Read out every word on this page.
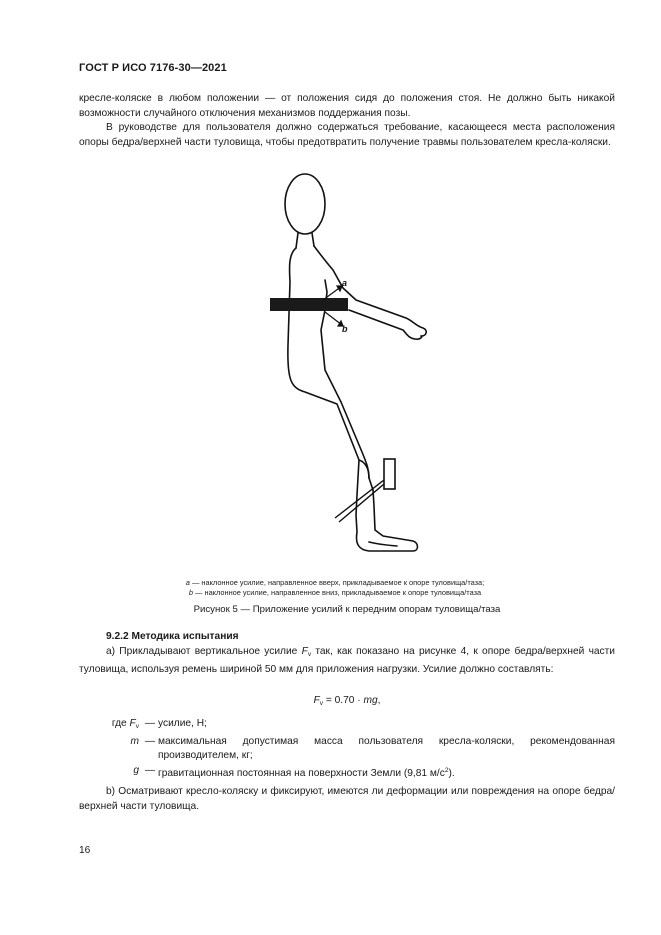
ГОСТ Р ИСО 7176-30—2021
кресле-коляске в любом положении — от положения сидя до положения стоя. Не должно быть никакой возможности случайного отключения механизмов поддержания позы.
В руководстве для пользователя должно содержаться требование, касающееся места расположения опоры бедра/верхней части туловища, чтобы предотвратить получение травмы пользователем кресла-коляски.
a
b
a — наклонное усилие, направленное вверх, прикладываемое к опоре туловища/таза;
b — наклонное усилие, направленное вниз, прикладываемое к опоре туловища/таза
Рисунок 5 — Приложение усилий к передним опорам туловища/таза
9.2.2 Методика испытания
a) Прикладывают вертикальное усилие $F_v$ так, как показано на рисунке 4, к опоре бедра/верхней части туловища, используя ремень шириной 50 мм для приложения нагрузки. Усилие должно составлять:
$F_v = 0.70$ · mg,
где $F_v$ — усилие, Н;
m — максимальная допустимая масса пользователя кресла-коляски, рекомендованная производителем, кг;
g — гравитационная постоянная на поверхности Земли (9,81 $м/с^2$).
b) Осматривают кресло-коляску и фиксируют, имеются ли деформации или повреждения на опоре бедра/верхней части туловища.
16
